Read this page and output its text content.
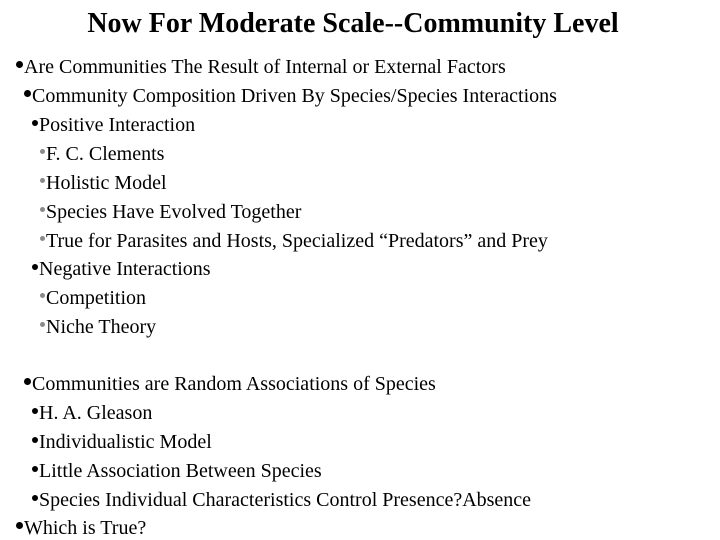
Now For Moderate Scale--Community Level
Are Communities The Result of Internal or External Factors
Community Composition Driven By Species/Species Interactions
Positive Interaction
F. C. Clements
Holistic Model
Species Have Evolved Together
True for Parasites and Hosts, Specialized “Predators” and Prey
Negative Interactions
Competition
Niche Theory
Communities are Random Associations of Species
H. A. Gleason
Individualistic Model
Little Association Between Species
Species Individual Characteristics Control Presence?Absence
Which is True?
